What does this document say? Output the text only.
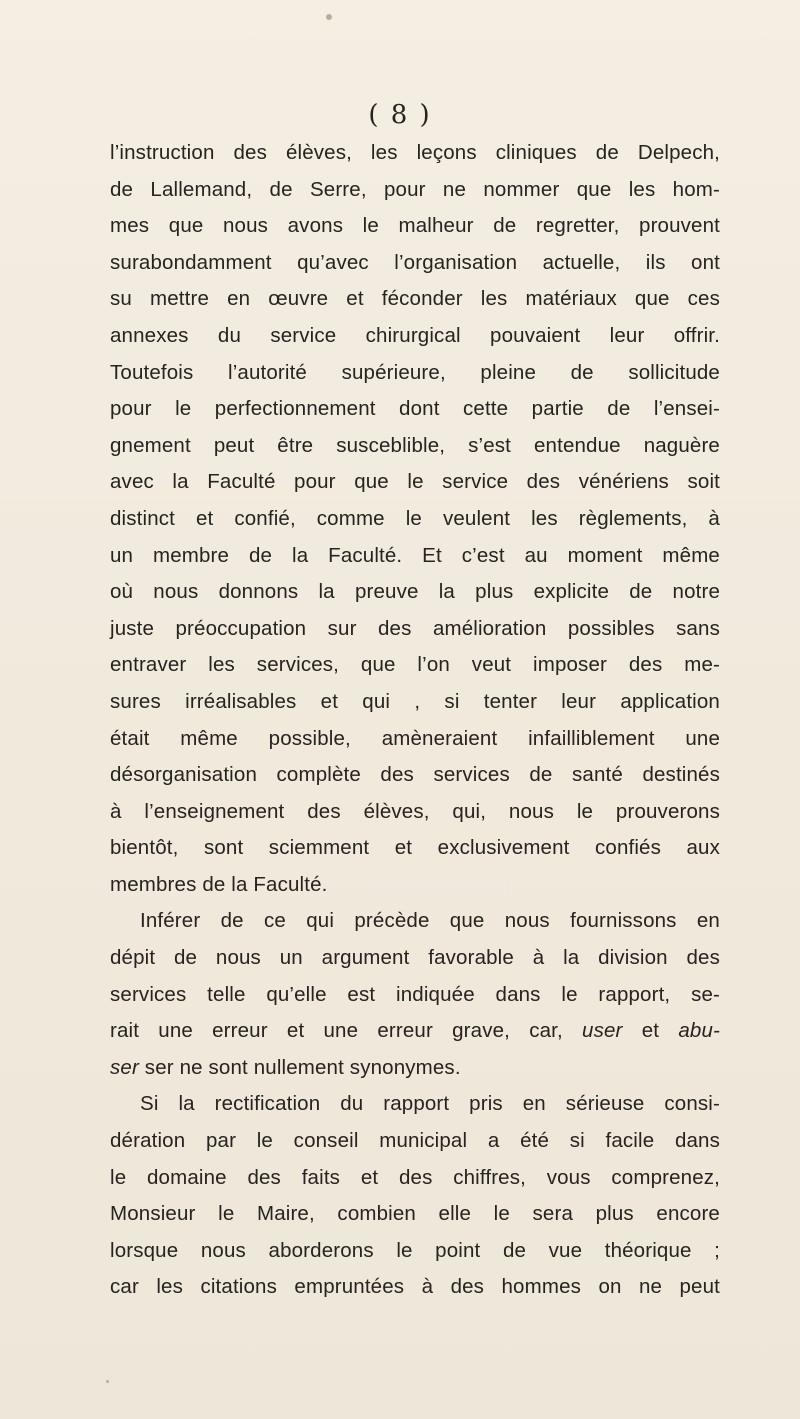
( 8 )
l’instruction des élèves, les leçons cliniques de Delpech,
de Lallemand, de Serre, pour ne nommer que les hom-
mes que nous avons le malheur de regretter, prouvent
surabondamment qu’avec l’organisation actuelle, ils ont
su mettre en œuvre et féconder les matériaux que ces
annexes du service chirurgical pouvaient leur offrir.
Toutefois l’autorité supérieure, pleine de sollicitude
pour le perfectionnement dont cette partie de l’ensei-
gnement peut être susceblible, s’est entendue naguère
avec la Faculté pour que le service des vénériens soit
distinct et confié, comme le veulent les règlements, à
un membre de la Faculté. Et c’est au moment même
où nous donnons la preuve la plus explicite de notre
juste préoccupation sur des amélioration possibles sans
entraver les services, que l’on veut imposer des me-
sures irréalisables et qui , si tenter leur application
était même possible, amèneraient infailliblement une
désorganisation complète des services de santé destinés
à l’enseignement des élèves, qui, nous le prouverons
bientôt, sont sciemment et exclusivement confiés aux
membres de la Faculté.
Inférer de ce qui précède que nous fournissons en
dépit de nous un argument favorable à la division des
services telle qu’elle est indiquée dans le rapport, se-
rait une erreur et une erreur grave, car, user et abu-
ser ser ne sont nullement synonymes.
Si la rectification du rapport pris en sérieuse consi-
dération par le conseil municipal a été si facile dans
le domaine des faits et des chiffres, vous comprenez,
Monsieur le Maire, combien elle le sera plus encore
lorsque nous aborderons le point de vue théorique ;
car les citations empruntées à des hommes on ne peut
